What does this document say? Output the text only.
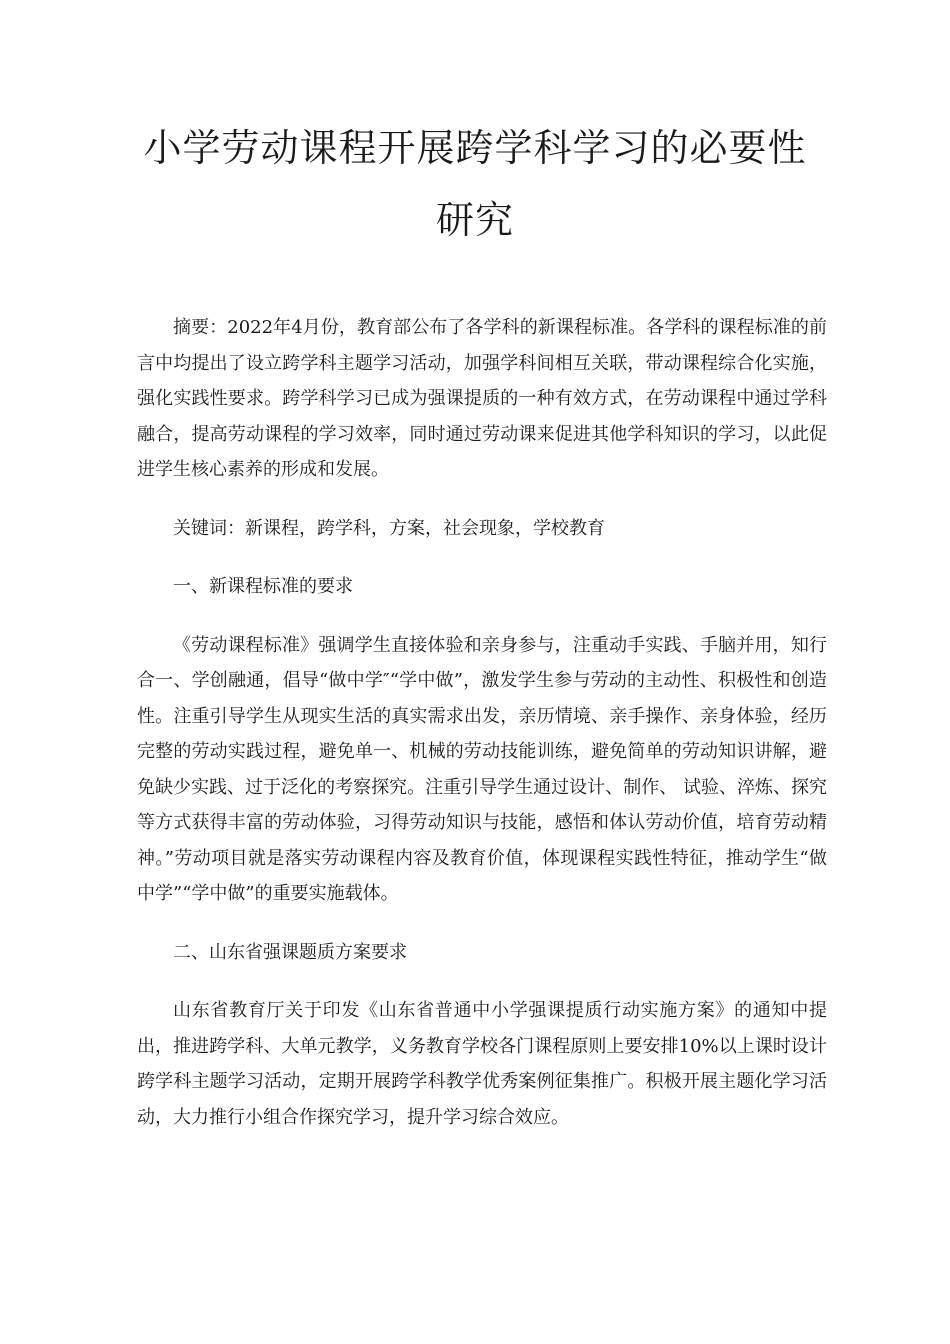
小学劳动课程开展跨学科学习的必要性
研究

摘要：2022年4月份，教育部公布了各学科的新课程标准。各学科的课程标准的前言中均提出了设立跨学科主题学习活动，加强学科间相互关联，带动课程综合化实施，强化实践性要求。跨学科学习已成为强课提质的一种有效方式，在劳动课程中通过学科融合，提高劳动课程的学习效率，同时通过劳动课来促进其他学科知识的学习，以此促进学生核心素养的形成和发展。

关键词：新课程，跨学科，方案，社会现象，学校教育

一、新课程标准的要求

《劳动课程标准》强调学生直接体验和亲身参与，注重动手实践、手脑并用，知行合一、学创融通，倡导“做中学″“学中做”，激发学生参与劳动的主动性、积极性和创造性。注重引导学生从现实生活的真实需求出发，亲历情境、亲手操作、亲身体验，经历完整的劳动实践过程，避免单一、机械的劳动技能训练，避免简单的劳动知识讲解，避免缺少实践、过于泛化的考察探究。注重引导学生通过设计、制作、 试验、淬炼、探究等方式获得丰富的劳动体验，习得劳动知识与技能，感悟和体认劳动价值，培育劳动精神。”劳动项目就是落实劳动课程内容及教育价值，体现课程实践性特征，推动学生“做中学”“学中做”的重要实施载体。

二、山东省强课题质方案要求

山东省教育厅关于印发《山东省普通中小学强课提质行动实施方案》的通知中提出，推进跨学科、大单元教学，义务教育学校各门课程原则上要安排10%以上课时设计跨学科主题学习活动，定期开展跨学科教学优秀案例征集推广。积极开展主题化学习活动，大力推行小组合作探究学习，提升学习综合效应。
